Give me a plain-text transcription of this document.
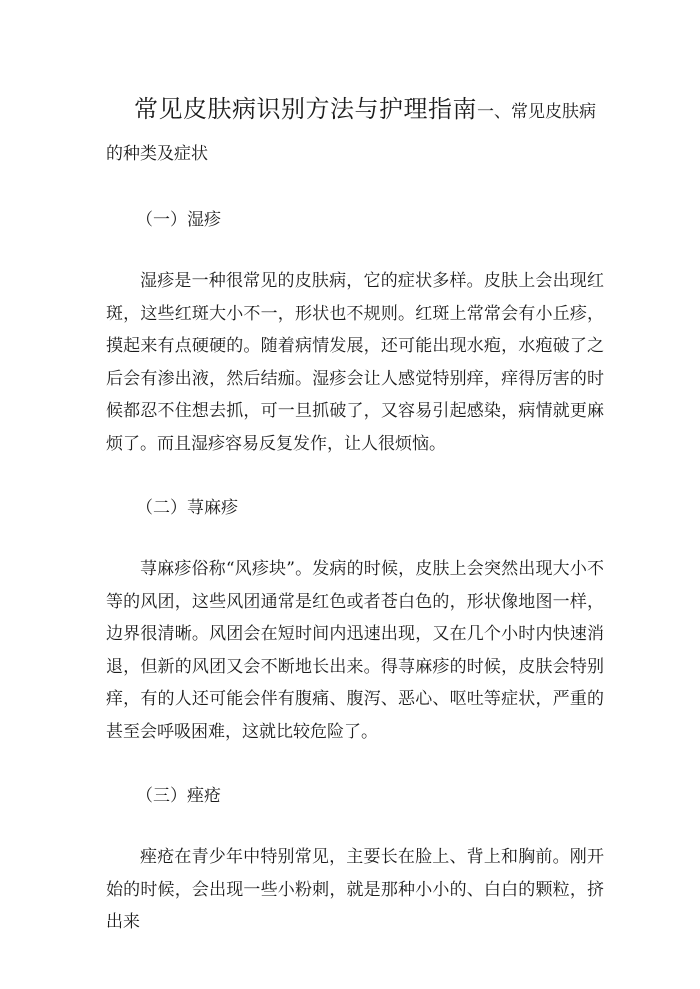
常见皮肤病识别方法与护理指南一、常见皮肤病的种类及症状
（一）湿疹

湿疹是一种很常见的皮肤病，它的症状多样。皮肤上会出现红斑，这些红斑大小不一，形状也不规则。红斑上常常会有小丘疹，摸起来有点硬硬的。随着病情发展，还可能出现水疱，水疱破了之后会有渗出液，然后结痂。湿疹会让人感觉特别痒，痒得厉害的时候都忍不住想去抓，可一旦抓破了，又容易引起感染，病情就更麻烦了。而且湿疹容易反复发作，让人很烦恼。

（二）荨麻疹

荨麻疹俗称“风疹块”。发病的时候，皮肤上会突然出现大小不等的风团，这些风团通常是红色或者苍白色的，形状像地图一样，边界很清晰。风团会在短时间内迅速出现，又在几个小时内快速消退，但新的风团又会不断地长出来。得荨麻疹的时候，皮肤会特别痒，有的人还可能会伴有腹痛、腹泻、恶心、呕吐等症状，严重的甚至会呼吸困难，这就比较危险了。

（三）痤疮

痤疮在青少年中特别常见，主要长在脸上、背上和胸前。刚开始的时候，会出现一些小粉刺，就是那种小小的、白白的颗粒，挤出来
